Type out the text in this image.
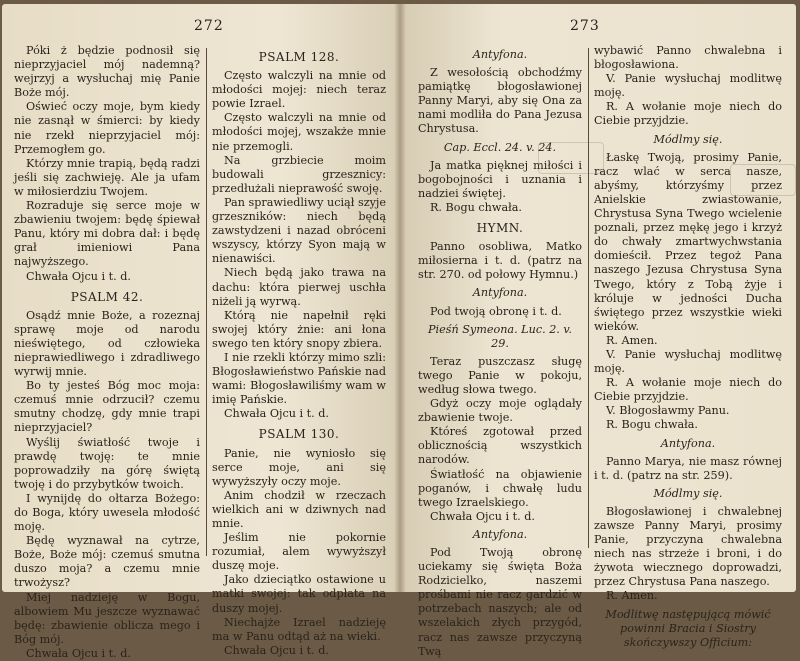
272

Póki ż będzie podnosił się nieprzyjaciel mój nademną? wejrzyj a wysłuchaj mię Panie Boże mój.

Oświeć oczy moje, bym kiedy nie zasnął w śmierci: by kiedy nie rzekł nieprzyjaciel mój: Przemogłem go.

Którzy mnie trapią, będą radzi jeśli się zachwieję. Ale ja ufam w miłosierdziu Twojem.

Rozraduje się serce moje w zbawieniu twojem: będę śpiewał Panu, który mi dobra dał: i będę grał imieniowi Pana najwyższego.

Chwała Ojcu i t. d.

PSALM 42.

Osądź mnie Boże, a rozeznaj sprawę moje od narodu nieświętego, od człowieka nieprawiedliwego i zdradliwego wyrwij mnie.

Bo ty jesteś Bóg moc moja: czemuś mnie odrzucił? czemu smutny chodzę, gdy mnie trapi nieprzyjaciel?

Wyślij światłość twoje i prawdę twoję: te mnie poprowadziły na górę świętą twoję i do przybytków twoich.

I wynijdę do ołtarza Bożego: do Boga, który uwesela młodość moję.

Będę wyznawał na cytrze, Boże, Boże mój: czemuś smutna duszo moja? a czemu mnie trwożysz?

Miej nadzieję w Bogu, albowiem Mu jeszcze wyznawać będę: zbawienie oblicza mego i Bóg mój.

Chwała Ojcu i t. d.

PSALM 128.

Często walczyli na mnie od młodości mojej: niech teraz powie Izrael.

Często walczyli na mnie od młodości mojej, wszakże mnie nie przemogli.

Na grzbiecie moim budowali grzesznicy: przedłużali nieprawość swoję.

Pan sprawiedliwy uciął szyje grzeszników: niech będą zawstydzeni i nazad obróceni wszyscy, którzy Syon mają w nienawiści.

Niech będą jako trawa na dachu: która pierwej uschła niżeli ją wyrwą.

Którą nie napełnił ręki swojej który żnie: ani łona swego ten który snopy zbiera.

I nie rzekli którzy mimo szli: Błogosławieństwo Pańskie nad wami: Błogosławiliśmy wam w imię Pańskie.

Chwała Ojcu i t. d.

PSALM 130.

Panie, nie wyniosło się serce moje, ani się wywyższyły oczy moje.

Anim chodził w rzeczach wielkich ani w dziwnych nad mnie.

Jeślim nie pokornie rozumiał, alem wywyższył duszę moje.

Jako dzieciątko ostawione u matki swojej: tak odpłata na duszy mojej.

Niechajże Izrael nadzieję ma w Panu odtąd aż na wieki.

Chwała Ojcu i t. d.

273

Antyfona.

Z wesołością obchodźmy pamiątkę błogosławionej Panny Maryi, aby się Ona za nami modliła do Pana Jezusa Chrystusa.

Cap. Eccl. 24. v. 24.

Ja matka pięknej miłości i bogobojności i uznania i nadziei świętej.

R. Bogu chwała.

HYMN.

Panno osobliwa, Matko miłosierna i t. d. (patrz na str. 270. od połowy Hymnu.)

Antyfona.

Pod twoją obronę i t. d.

Pieśń Symeona. Luc. 2. v. 29.

Teraz puszczasz sługę twego Panie w pokoju, według słowa twego.

Gdyż oczy moje oglądały zbawienie twoje.

Któreś zgotował przed oblicznością wszystkich narodów.

Światłość na objawienie poganów, i chwałę ludu twego Izraelskiego.

Chwała Ojcu i t. d.

Antyfona.

Pod Twoją obronę uciekamy się święta Boża Rodzicielko, naszemi prośbami nie racz gardzić w potrzebach naszych; ale od wszelakich złych przygód, racz nas zawsze przyczyną Twą

wybawić Panno chwalebna i błogosławiona.

V. Panie wysłuchaj modlitwę moję.

R. A wołanie moje niech do Ciebie przyjdzie.

Módlmy się.

Łaskę Twoją, prosimy Panie, racz wlać w serca nasze, abyśmy, którzyśmy przez Anielskie zwiastowanie, Chrystusa Syna Twego wcielenie poznali, przez mękę jego i krzyż do chwały zmartwychwstania domieścił. Przez tegoż Pana naszego Jezusa Chrystusa Syna Twego, który z Tobą żyje i króluje w jedności Ducha świętego przez wszystkie wieki wieków.

R. Amen.

V. Panie wysłuchaj modlitwę moję.

R. A wołanie moje niech do Ciebie przyjdzie.

V. Błogosławmy Panu.

R. Bogu chwała.

Antyfona.

Panno Marya, nie masz równej i t. d. (patrz na str. 259).

Módlmy się.

Błogosławionej i chwalebnej zawsze Panny Maryi, prosimy Panie, przyczyna chwalebna niech nas strzeże i broni, i do żywota wiecznego doprowadzi, przez Chrystusa Pana naszego.

R. Amen.

Modlitwę następującą mówić powinni Bracia i Siostry skończywszy Officium:
